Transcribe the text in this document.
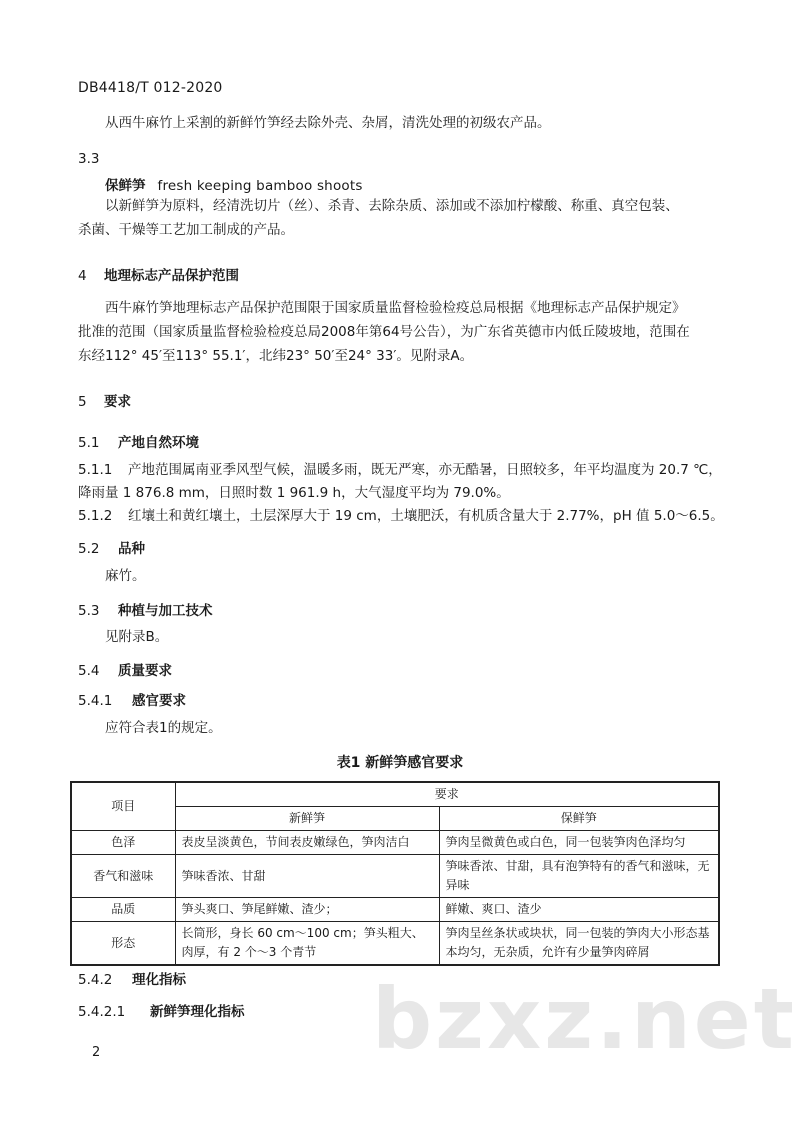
DB4418/T 012-2020
从西牛麻竹上采割的新鲜竹笋经去除外壳、杂屑，清洗处理的初级农产品。
3.3
保鲜笋 fresh keeping bamboo shoots
以新鲜笋为原料，经清洗切片（丝）、杀青、去除杂质、添加或不添加柠檬酸、称重、真空包装、
杀菌、干燥等工艺加工制成的产品。
4 地理标志产品保护范围
西牛麻竹笋地理标志产品保护范围限于国家质量监督检验检疫总局根据《地理标志产品保护规定》
批准的范围（国家质量监督检验检疫总局2008年第64号公告），为广东省英德市内低丘陵坡地，范围在
东经112° 45′至113° 55.1′，北纬23° 50′至24° 33′。见附录A。
5 要求
5.1 产地自然环境
5.1.1 产地范围属南亚季风型气候，温暖多雨，既无严寒，亦无酷暑，日照较多，年平均温度为 20.7 ℃，
降雨量 1 876.8 mm，日照时数 1 961.9 h，大气湿度平均为 79.0%。
5.1.2 红壤土和黄红壤土，土层深厚大于 19 cm，土壤肥沃，有机质含量大于 2.77%，pH 值 5.0～6.5。
5.2 品种
麻竹。
5.3 种植与加工技术
见附录B。
5.4 质量要求
5.4.1 感官要求
应符合表1的规定。
表1 新鲜笋感官要求
项目	要求	
	新鲜笋	保鲜笋
色泽	表皮呈淡黄色，节间表皮嫩绿色，笋肉洁白	笋肉呈微黄色或白色，同一包装笋肉色泽均匀
香气和滋味	笋味香浓、甘甜	笋味香浓、甘甜，具有泡笋特有的香气和滋味，无异味
品质	笋头爽口、笋尾鲜嫩、渣少；	鲜嫩、爽口、渣少
形态	长筒形，身长 60 cm～100 cm；笋头粗大、肉厚，有 2 个～3 个青节	笋肉呈丝条状或块状，同一包装的笋肉大小形态基本均匀，无杂质，允许有少量笋肉碎屑
5.4.2 理化指标
5.4.2.1 新鲜笋理化指标 bzxz.net
2
